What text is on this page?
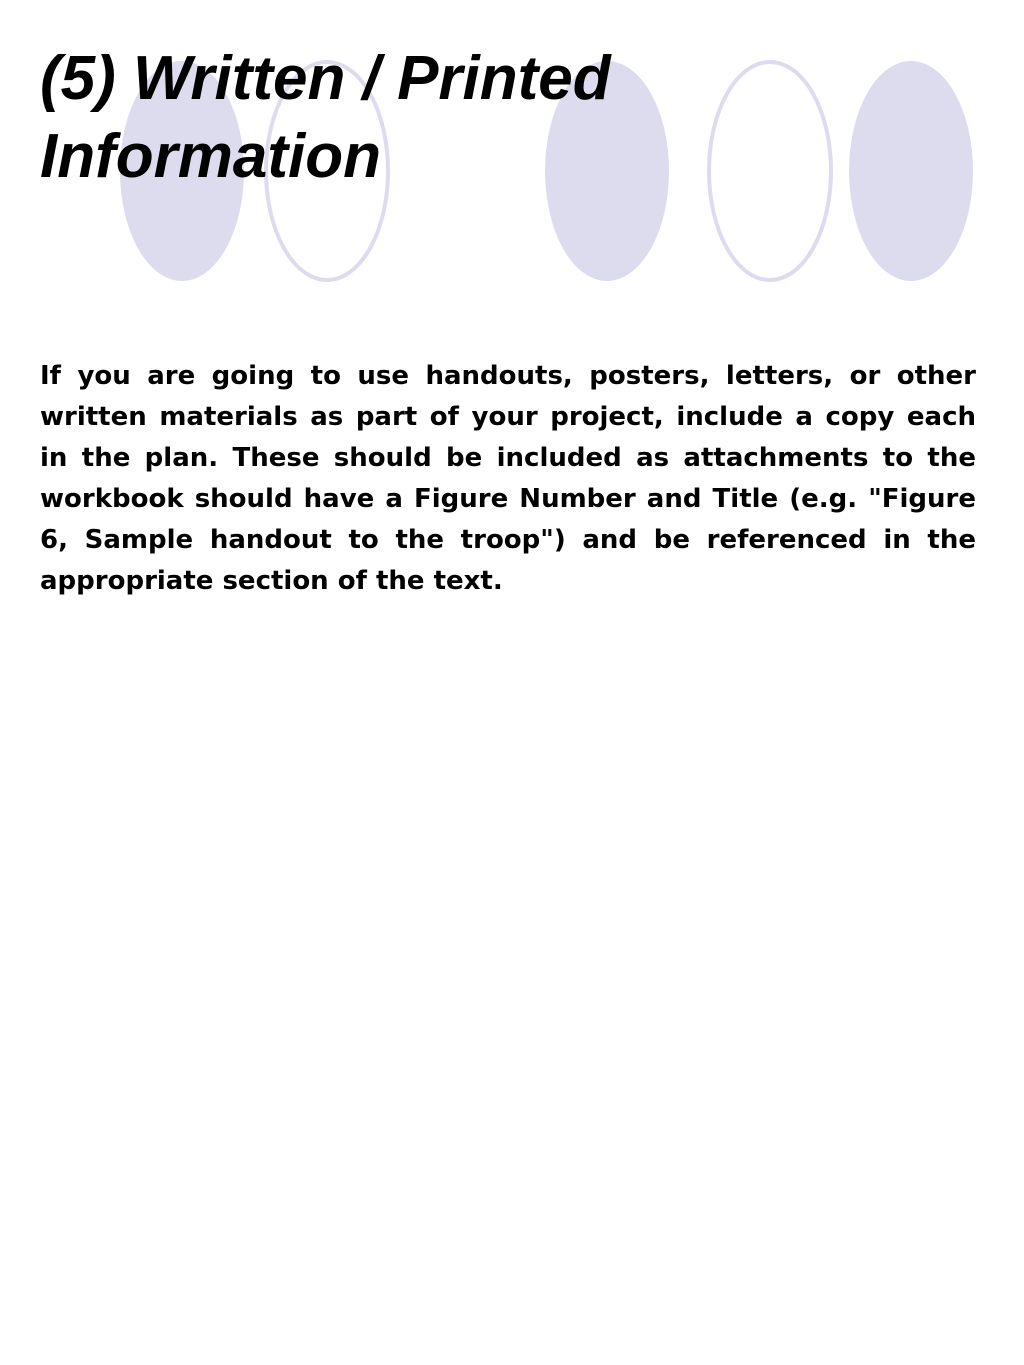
(5) Written / Printed
Information

If you are going to use handouts, posters, letters, or other written materials as part of your project, include a copy each in the plan. These should be included as attachments to the workbook should have a Figure Number and Title (e.g. "Figure 6, Sample handout to the troop") and be referenced in the appropriate section of the text.
